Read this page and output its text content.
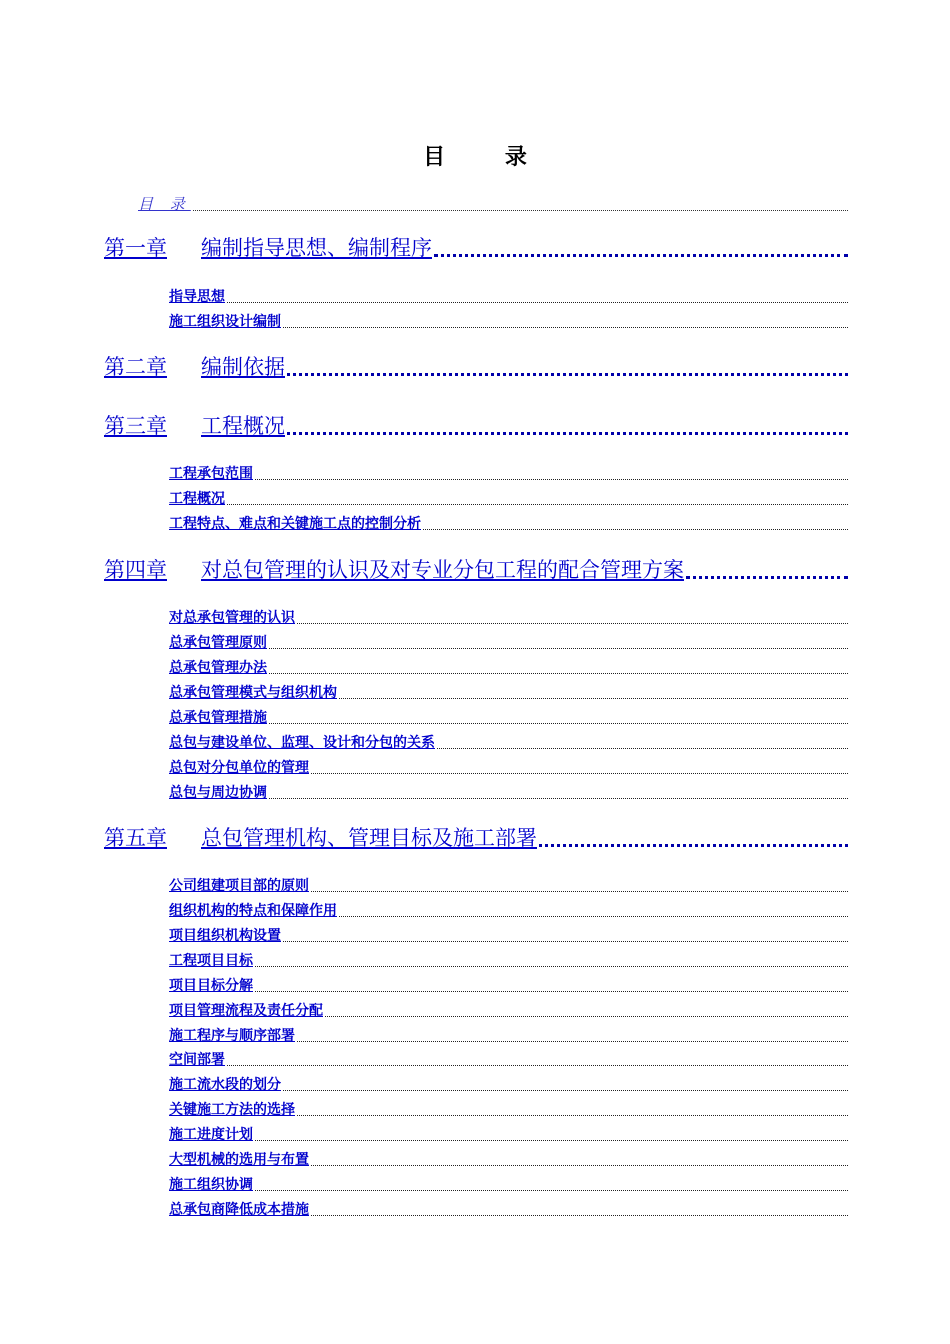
目 录
目 录
第一章 编制指导思想、编制程序
指导思想
施工组织设计编制
第二章 编制依据
第三章 工程概况
工程承包范围
工程概况
工程特点、难点和关键施工点的控制分析
第四章 对总包管理的认识及对专业分包工程的配合管理方案
对总承包管理的认识
总承包管理原则
总承包管理办法
总承包管理模式与组织机构
总承包管理措施
总包与建设单位、监理、设计和分包的关系
总包对分包单位的管理
总包与周边协调
第五章 总包管理机构、管理目标及施工部署
公司组建项目部的原则
组织机构的特点和保障作用
项目组织机构设置
工程项目目标
项目目标分解
项目管理流程及责任分配
施工程序与顺序部署
空间部署
施工流水段的划分
关键施工方法的选择
施工进度计划
大型机械的选用与布置
施工组织协调
总承包商降低成本措施
